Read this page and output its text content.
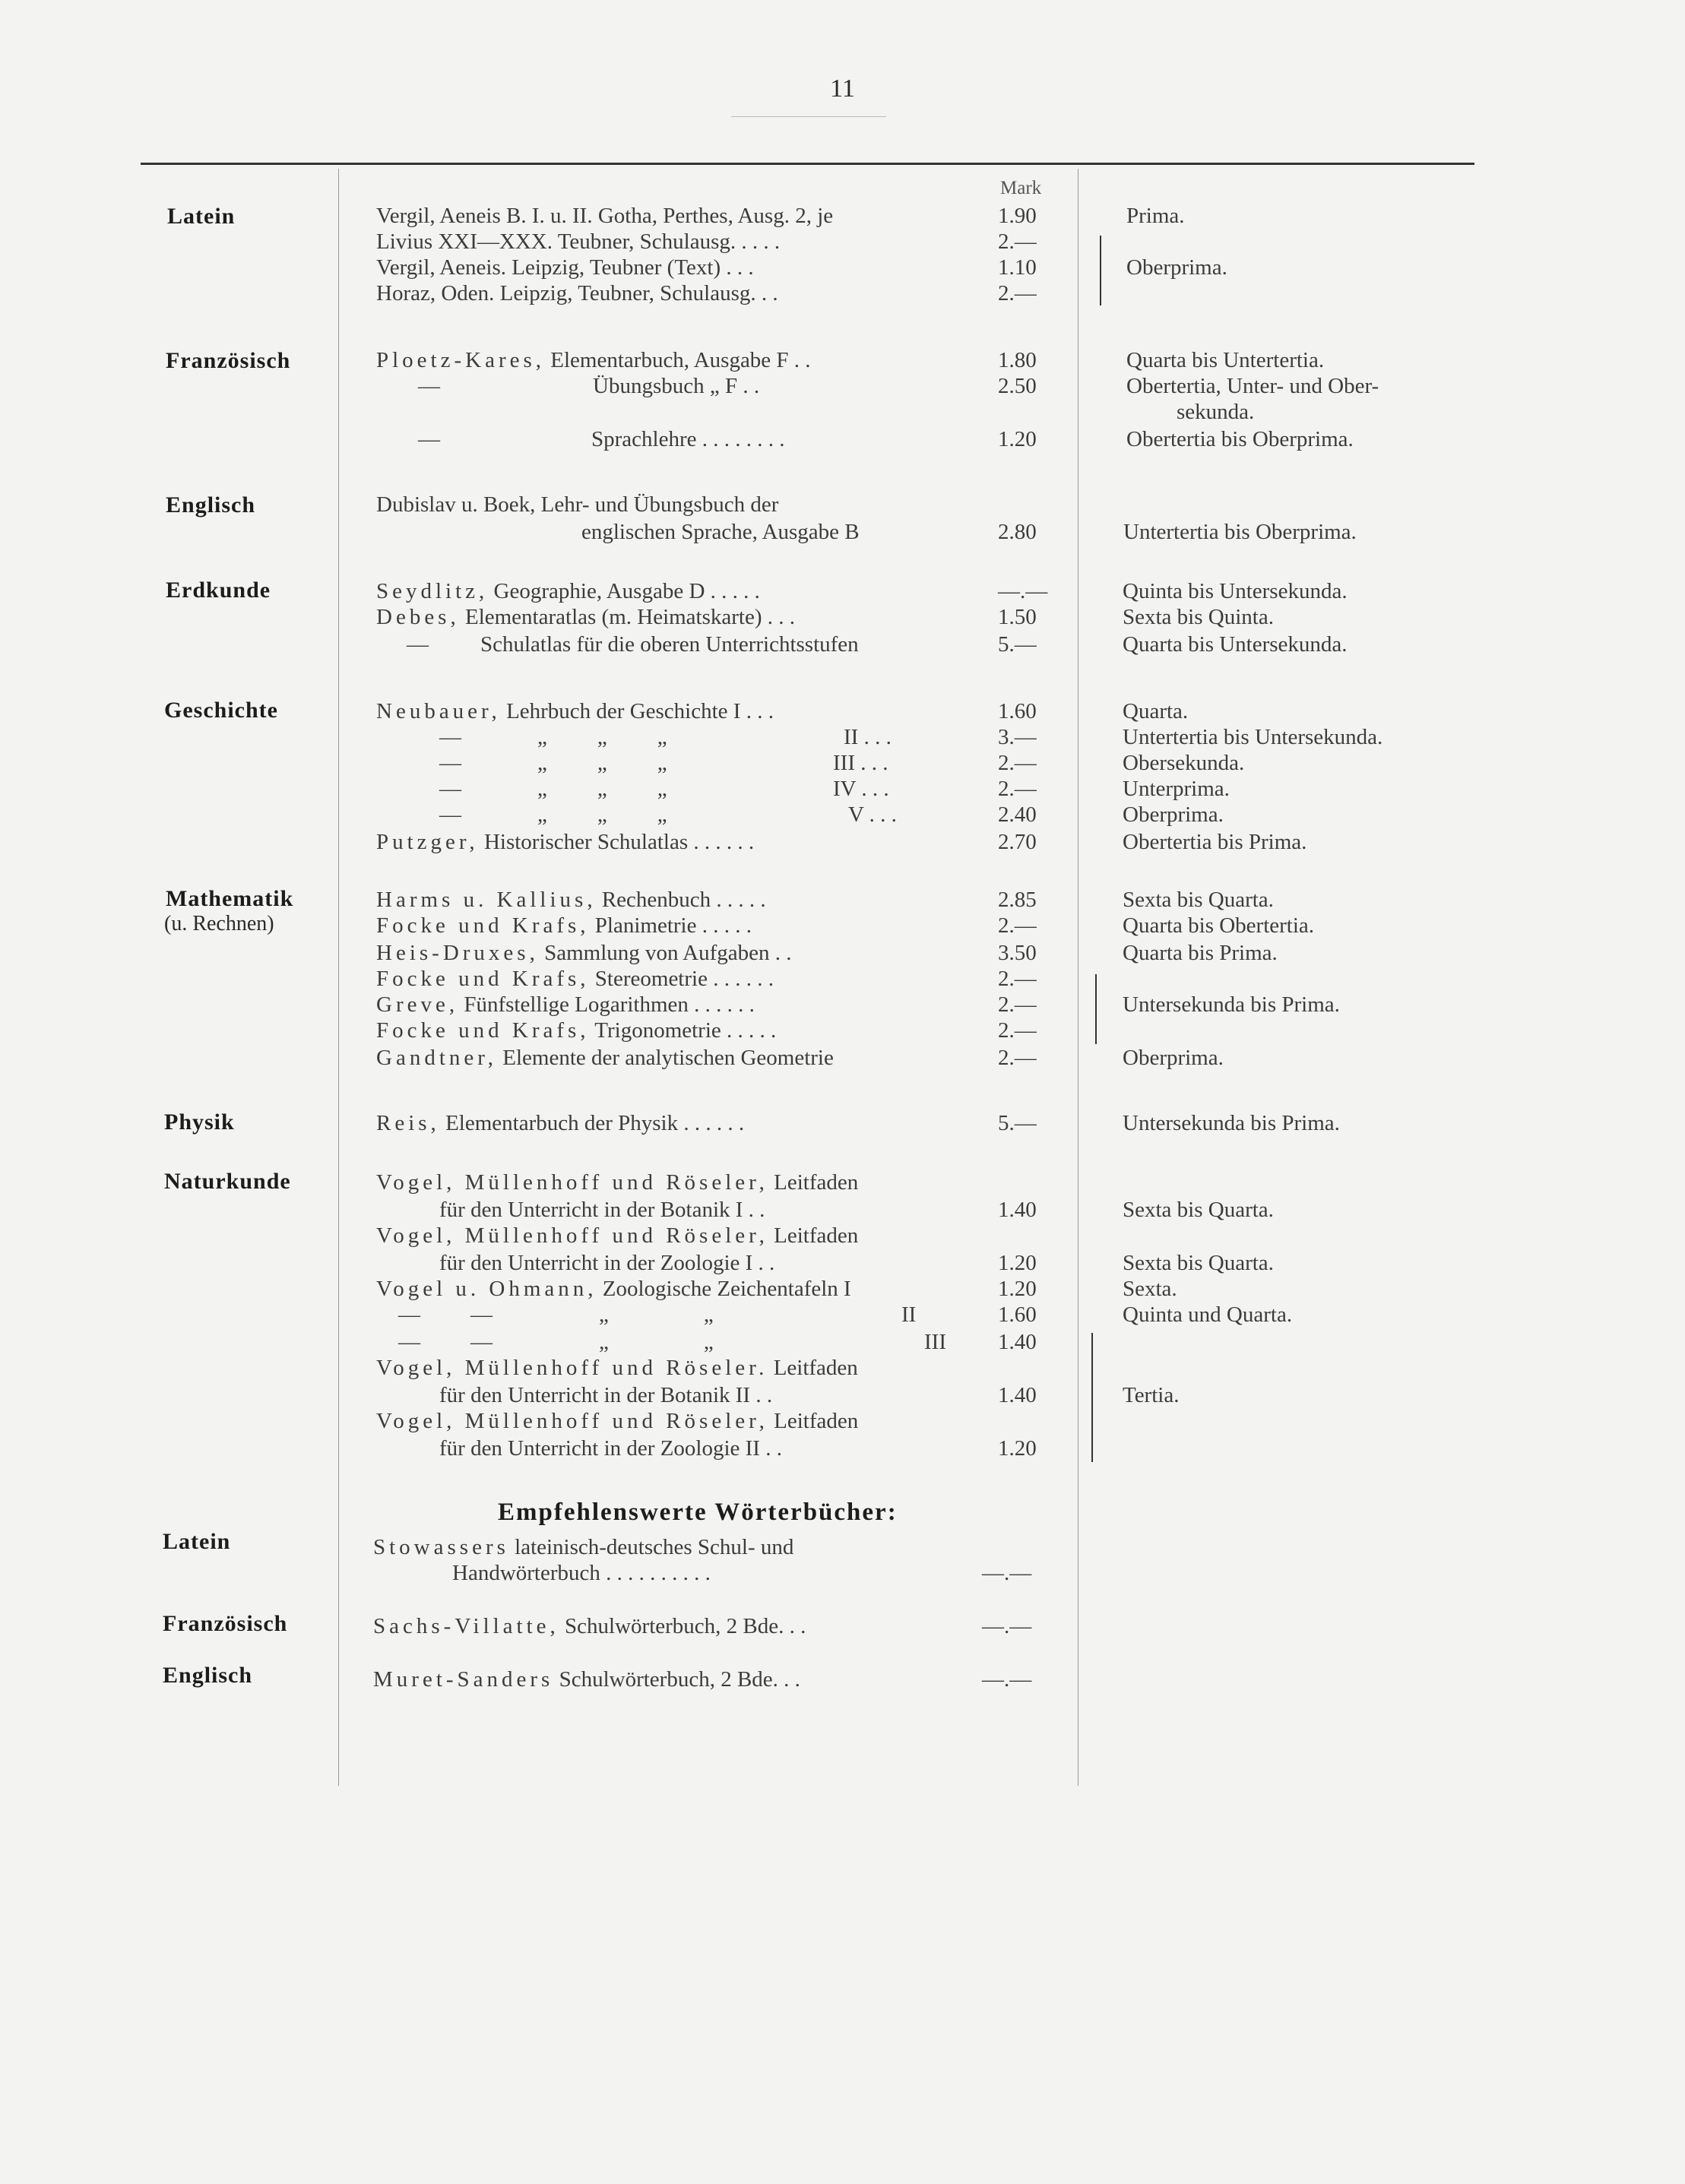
11
Mark
Latein	Vergil, Aeneis B. I. u. II. Gotha, Perthes, Ausg. 2, je	1.90	Prima.
Livius XXI—XXX. Teubner, Schulausg. . . . .	2.—
Vergil, Aeneis. Leipzig, Teubner (Text) . . .	1.10	Oberprima.
Horaz, Oden. Leipzig, Teubner, Schulausg. . .	2.—
Französisch	Ploetz-Kares, Elementarbuch, Ausgabe F . .	1.80	Quarta bis Untertertia.
—	Übungsbuch „ F . .	2.50	Obertertia, Unter- und Ober-
sekunda.
—	Sprachlehre . . . . . . . .	1.20	Obertertia bis Oberprima.
Englisch	Dubislav u. Boek, Lehr- und Übungsbuch der
englischen Sprache, Ausgabe B	2.80	Untertertia bis Oberprima.
Erdkunde	Seydlitz, Geographie, Ausgabe D . . . . .	—.—	Quinta bis Untersekunda.
Debes, Elementaratlas (m. Heimatskarte) . . .	1.50	Sexta bis Quinta.
— Schulatlas für die oberen Unterrichtsstufen	5.—	Quarta bis Untersekunda.
Geschichte	Neubauer, Lehrbuch der Geschichte I . . .	1.60	Quarta.
—	„ „ „	II . . .	3.—	Untertertia bis Untersekunda.
—	„ „ „	III . . .	2.—	Obersekunda.
—	„ „ „	IV . . .	2.—	Unterprima.
—	„ „ „	V . . .	2.40	Oberprima.
Putzger, Historischer Schulatlas . . . . . .	2.70	Obertertia bis Prima.
Mathematik
(u. Rechnen)
Harms u. Kallius, Rechenbuch . . . . .	2.85	Sexta bis Quarta.
Focke und Krafs, Planimetrie . . . . .	2.—	Quarta bis Obertertia.
Heis-Druxes, Sammlung von Aufgaben . .	3.50	Quarta bis Prima.
Focke und Krafs, Stereometrie . . . . . .	2.—
Greve, Fünfstellige Logarithmen . . . . . .	2.—	Untersekunda bis Prima.
Focke und Krafs, Trigonometrie . . . . .	2.—
Gandtner, Elemente der analytischen Geometrie	2.—	Oberprima.
Physik	Reis, Elementarbuch der Physik . . . . . .	5.—	Untersekunda bis Prima.
Naturkunde	Vogel, Müllenhoff und Röseler, Leitfaden
für den Unterricht in der Botanik I . .	1.40	Sexta bis Quarta.
Vogel, Müllenhoff und Röseler, Leitfaden
für den Unterricht in der Zoologie I . .	1.20	Sexta bis Quarta.
Vogel u. Ohmann, Zoologische Zeichentafeln I	1.20	Sexta.
— —	„	„	II	1.60	Quinta und Quarta.
— —	„	„	III 1.40
Vogel, Müllenhoff und Röseler. Leitfaden
für den Unterricht in der Botanik II . .	1.40	Tertia.
Vogel, Müllenhoff und Röseler, Leitfaden
für den Unterricht in der Zoologie II . .	1.20
Empfehlenswerte Wörterbücher:
Latein	Stowassers lateinisch-deutsches Schul- und
Handwörterbuch . . . . . . . . . .	—.—
Französisch	Sachs-Villatte, Schulwörterbuch, 2 Bde. . .	—.—
Englisch	Muret-Sanders Schulwörterbuch, 2 Bde. . .	—.—
